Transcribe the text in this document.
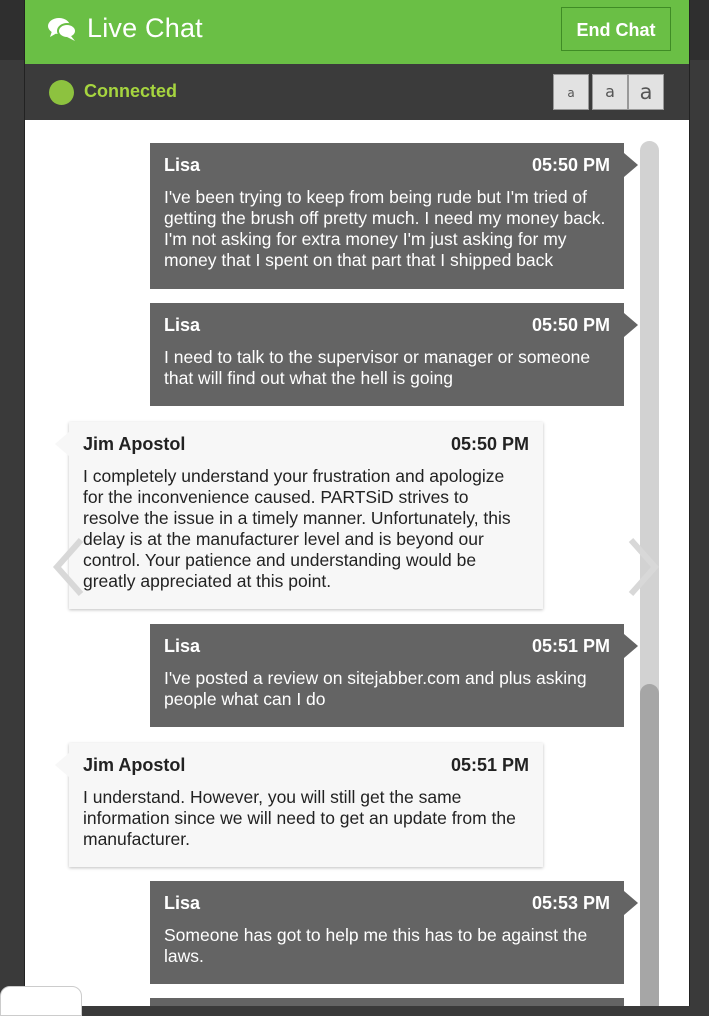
Live Chat	End Chat
Connected	a	a	a
Lisa	05:50 PM
I've been trying to keep from being rude but I'm tried of getting the brush off pretty much. I need my money back. I'm not asking for extra money I'm just asking for my money that I spent on that part that I shipped back
Lisa	05:50 PM
I need to talk to the supervisor or manager or someone that will find out what the hell is going
Jim Apostol	05:50 PM
I completely understand your frustration and apologize for the inconvenience caused. PARTSiD strives to resolve the issue in a timely manner. Unfortunately, this delay is at the manufacturer level and is beyond our control. Your patience and understanding would be greatly appreciated at this point.
Lisa	05:51 PM
I've posted a review on sitejabber.com and plus asking people what can I do
Jim Apostol	05:51 PM
I understand. However, you will still get the same information since we will need to get an update from the manufacturer.
Lisa	05:53 PM
Someone has got to help me this has to be against the laws.
